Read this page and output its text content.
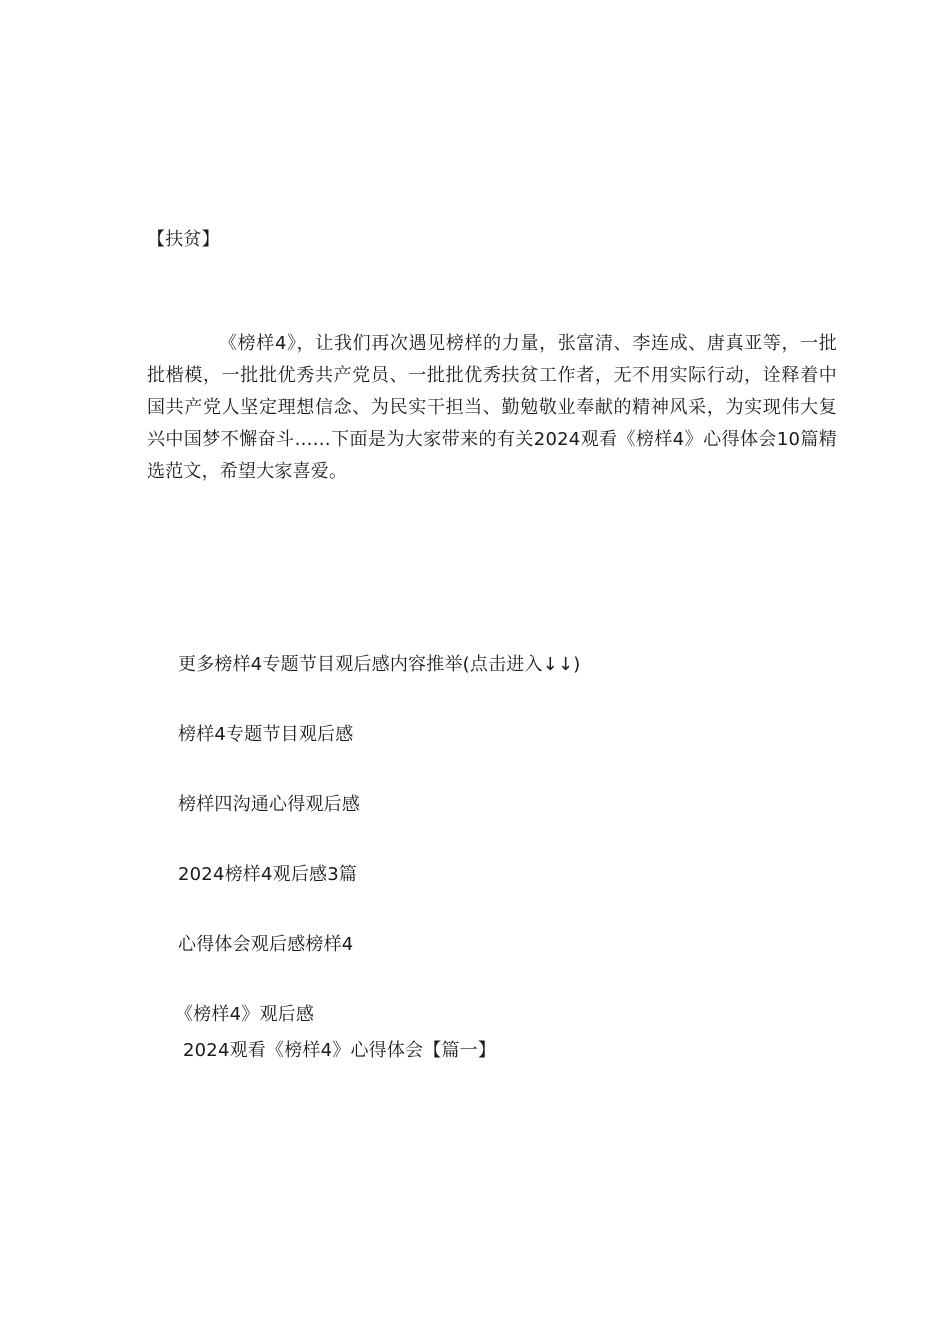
【扶贫】

《榜样4》，让我们再次遇见榜样的力量，张富清、李连成、唐真亚等，一批批楷模，一批批优秀共产党员、一批批优秀扶贫工作者，无不用实际行动，诠释着中国共产党人坚定理想信念、为民实干担当、勤勉敬业奉献的精神风采，为实现伟大复兴中国梦不懈奋斗……下面是为大家带来的有关2024观看《榜样4》心得体会10篇精选范文，希望大家喜爱。

更多榜样4专题节目观后感内容推举(点击进入↓↓)
榜样4专题节目观后感
榜样四沟通心得观后感
2024榜样4观后感3篇
心得体会观后感榜样4
《榜样4》观后感
2024观看《榜样4》心得体会【篇一】
